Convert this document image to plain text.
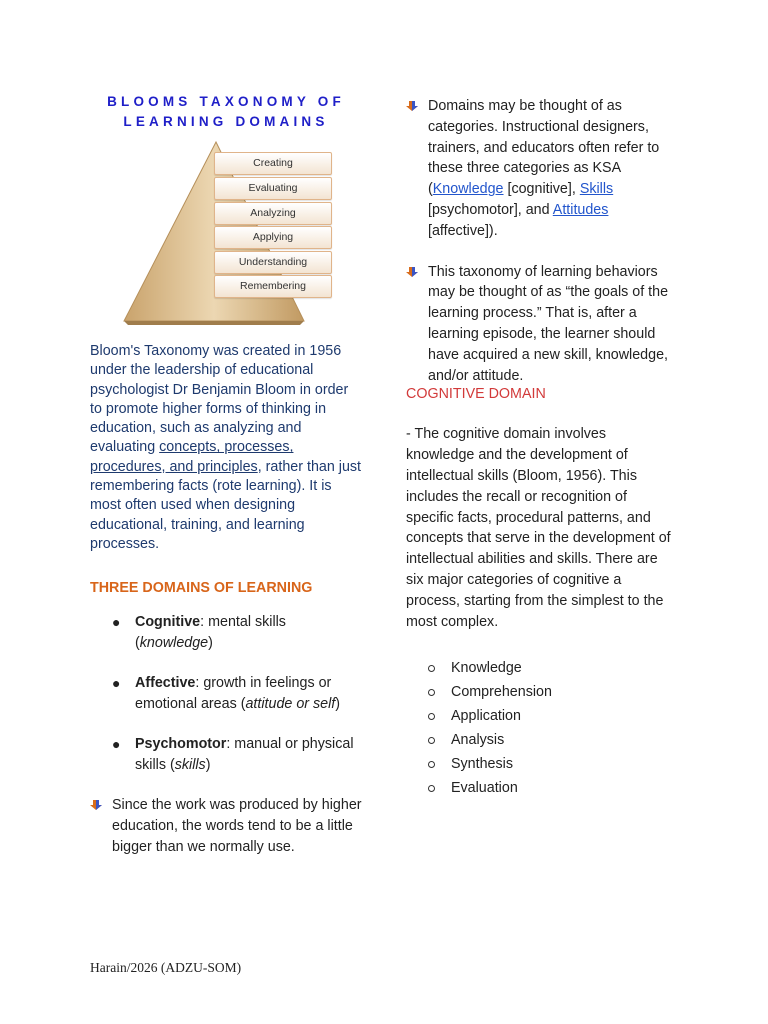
BLOOMS TAXONOMY OF
LEARNING DOMAINS
Creating
Evaluating
Analyzing
Applying
Understanding
Remembering

Bloom's Taxonomy was created in 1956 under the leadership of educational psychologist Dr Benjamin Bloom in order to promote higher forms of thinking in education, such as analyzing and evaluating concepts, processes, procedures, and principles, rather than just remembering facts (rote learning). It is most often used when designing educational, training, and learning processes.

THREE DOMAINS OF LEARNING
● Cognitive: mental skills (knowledge)
● Affective: growth in feelings or emotional areas (attitude or self)
● Psychomotor: manual or physical skills (skills)
Since the work was produced by higher education, the words tend to be a little bigger than we normally use.
Domains may be thought of as categories. Instructional designers, trainers, and educators often refer to these three categories as KSA (Knowledge [cognitive], Skills [psychomotor], and Attitudes [affective]).
This taxonomy of learning behaviors may be thought of as “the goals of the learning process.” That is, after a learning episode, the learner should have acquired a new skill, knowledge, and/or attitude.

COGNITIVE DOMAIN

- The cognitive domain involves knowledge and the development of intellectual skills (Bloom, 1956). This includes the recall or recognition of specific facts, procedural patterns, and concepts that serve in the development of intellectual abilities and skills. There are six major categories of cognitive a process, starting from the simplest to the most complex.

Knowledge
Comprehension
Application
Analysis
Synthesis
Evaluation
Harain/2026 (ADZU-SOM)
